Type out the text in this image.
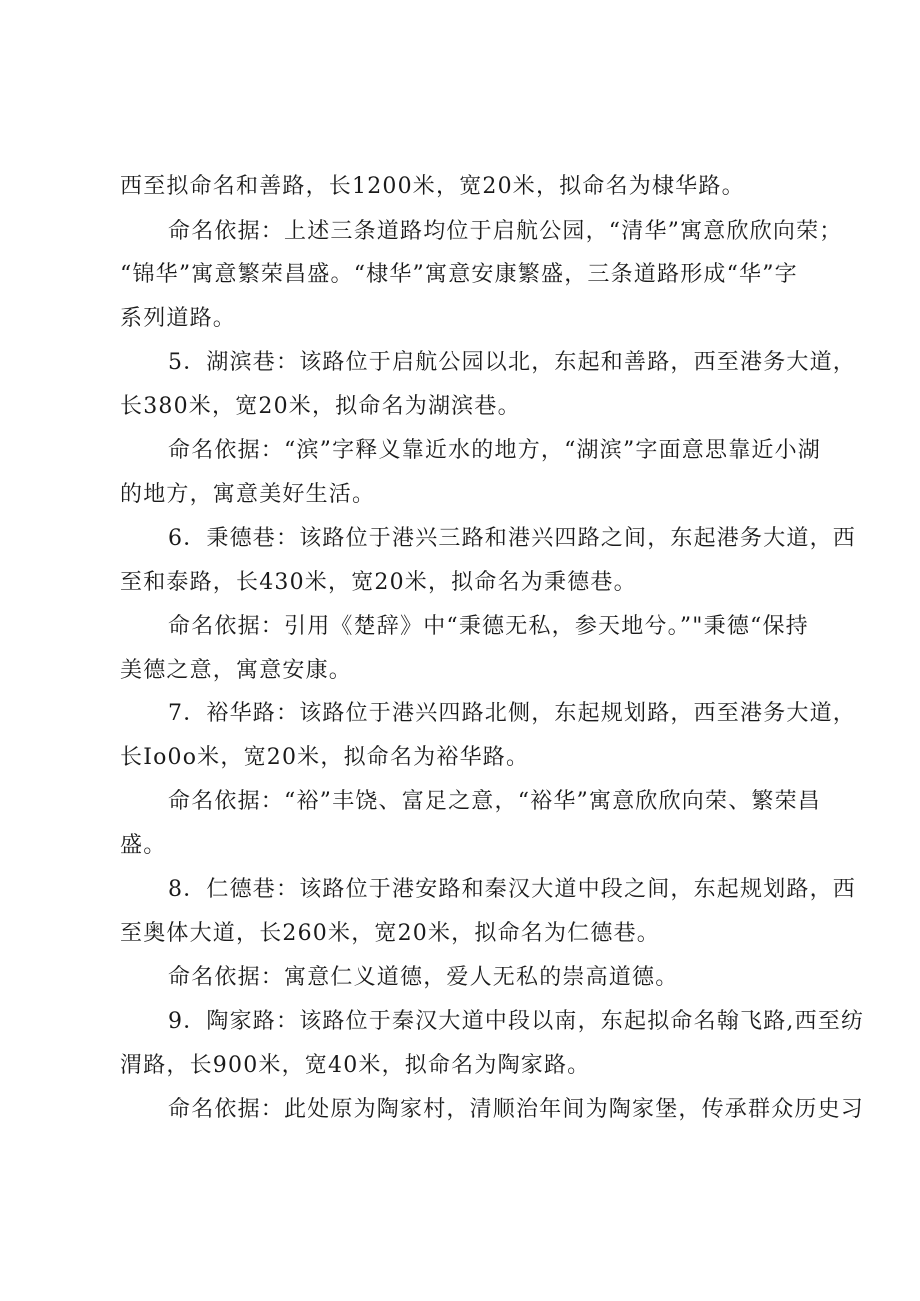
西至拟命名和善路，长1200米，宽20米，拟命名为棣华路。
命名依据：上述三条道路均位于启航公园，“清华”寓意欣欣向荣；
“锦华”寓意繁荣昌盛。“棣华”寓意安康繁盛，三条道路形成“华”字
系列道路。
5．湖滨巷：该路位于启航公园以北，东起和善路，西至港务大道，
长380米，宽20米，拟命名为湖滨巷。
命名依据：“滨”字释义靠近水的地方，“湖滨”字面意思靠近小湖
的地方，寓意美好生活。
6．秉德巷：该路位于港兴三路和港兴四路之间，东起港务大道，西
至和泰路，长430米，宽20米，拟命名为秉德巷。
命名依据：引用《楚辞》中“秉德无私，参天地兮。”"秉德“保持
美德之意，寓意安康。
7．裕华路：该路位于港兴四路北侧，东起规划路，西至港务大道，
长Io0o米，宽20米，拟命名为裕华路。
命名依据：“裕”丰饶、富足之意，“裕华”寓意欣欣向荣、繁荣昌
盛。
8．仁德巷：该路位于港安路和秦汉大道中段之间，东起规划路，西
至奥体大道，长260米，宽20米，拟命名为仁德巷。
命名依据：寓意仁义道德，爱人无私的崇高道德。
9．陶家路：该路位于秦汉大道中段以南，东起拟命名翰飞路,西至纺
渭路，长900米，宽40米，拟命名为陶家路。
命名依据：此处原为陶家村，清顺治年间为陶家堡，传承群众历史习
